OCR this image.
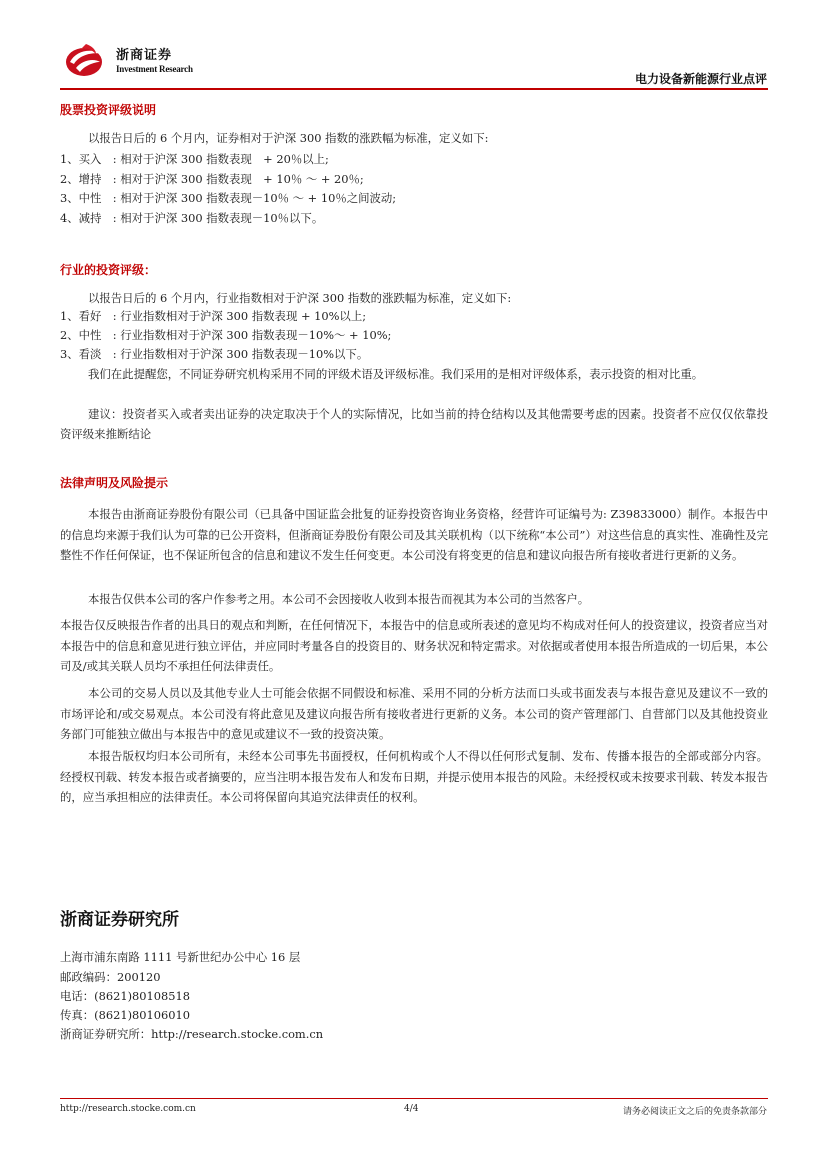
浙商证券
Investment Research
电力设备新能源行业点评
股票投资评级说明
以报告日后的 6 个月内，证券相对于沪深 300 指数的涨跌幅为标准，定义如下:
1、买入　: 相对于沪深 300 指数表现　+ 20％以上;
2、增持　: 相对于沪深 300 指数表现　+ 10％ ～ + 20％;
3、中性　: 相对于沪深 300 指数表现－10％ ～ + 10％之间波动;
4、减持　: 相对于沪深 300 指数表现－10％以下。
行业的投资评级：
以报告日后的 6 个月内，行业指数相对于沪深 300 指数的涨跌幅为标准，定义如下:
1、看好　: 行业指数相对于沪深 300 指数表现 + 10%以上;
2、中性　: 行业指数相对于沪深 300 指数表现－10%～ + 10%;
3、看淡　: 行业指数相对于沪深 300 指数表现－10%以下。
我们在此提醒您，不同证券研究机构采用不同的评级术语及评级标准。我们采用的是相对评级体系，表示投资的相对比重。
建议：投资者买入或者卖出证券的决定取决于个人的实际情况，比如当前的持仓结构以及其他需要考虑的因素。投资者不应仅仅依靠投资评级来推断结论
法律声明及风险提示
本报告由浙商证券股份有限公司（已具备中国证监会批复的证券投资咨询业务资格，经营许可证编号为: Z39833000）制作。本报告中的信息均来源于我们认为可靠的已公开资料，但浙商证券股份有限公司及其关联机构（以下统称“本公司”）对这些信息的真实性、准确性及完整性不作任何保证，也不保证所包含的信息和建议不发生任何变更。本公司没有将变更的信息和建议向报告所有接收者进行更新的义务。
本报告仅供本公司的客户作参考之用。本公司不会因接收人收到本报告而视其为本公司的当然客户。
本报告仅反映报告作者的出具日的观点和判断，在任何情况下，本报告中的信息或所表述的意见均不构成对任何人的投资建议，投资者应当对本报告中的信息和意见进行独立评估，并应同时考量各自的投资目的、财务状况和特定需求。对依据或者使用本报告所造成的一切后果，本公司及/或其关联人员均不承担任何法律责任。
本公司的交易人员以及其他专业人士可能会依据不同假设和标准、采用不同的分析方法而口头或书面发表与本报告意见及建议不一致的市场评论和/或交易观点。本公司没有将此意见及建议向报告所有接收者进行更新的义务。本公司的资产管理部门、自营部门以及其他投资业务部门可能独立做出与本报告中的意见或建议不一致的投资决策。
本报告版权均归本公司所有，未经本公司事先书面授权，任何机构或个人不得以任何形式复制、发布、传播本报告的全部或部分内容。经授权刊载、转发本报告或者摘要的，应当注明本报告发布人和发布日期，并提示使用本报告的风险。未经授权或未按要求刊载、转发本报告的，应当承担相应的法律责任。本公司将保留向其追究法律责任的权利。
浙商证券研究所
上海市浦东南路 1111 号新世纪办公中心 16 层
邮政编码：200120
电话：(8621)80108518
传真：(8621)80106010
浙商证券研究所：http://research.stocke.com.cn
http://research.stocke.com.cn	4/4	请务必阅读正文之后的免责条款部分
